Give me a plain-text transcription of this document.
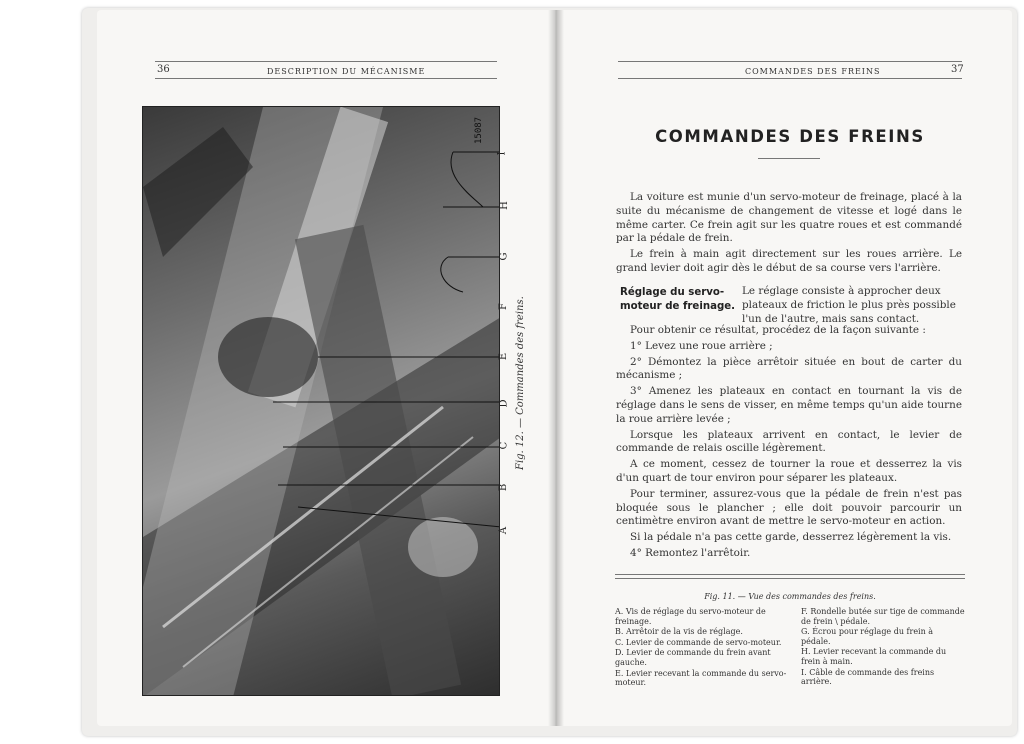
36	DESCRIPTION DU MÉCANISME
15087
I
H
G
F
E
D
C
B
A
Fig. 12. — Commandes des freins.
COMMANDES DES FREINS	37
COMMANDES DES FREINS

La voiture est munie d'un servo-moteur de freinage, placé à la suite du mécanisme de changement de vitesse et logé dans le même carter. Ce frein agit sur les quatre roues et est commandé par la pédale de frein.

Le frein à main agit directement sur les roues arrière. Le grand levier doit agir dès le début de sa course vers l'arrière.

Réglage du servo-moteur de freinage.
Le réglage consiste à approcher deux plateaux de friction le plus près possible l'un de l'autre, mais sans contact.

Pour obtenir ce résultat, procédez de la façon suivante :

1° Levez une roue arrière ;

2° Démontez la pièce arrêtoir située en bout de carter du mécanisme ;

3° Amenez les plateaux en contact en tournant la vis de réglage dans le sens de visser, en même temps qu'un aide tourne la roue arrière levée ;

Lorsque les plateaux arrivent en contact, le levier de commande de relais oscille légèrement.

A ce moment, cessez de tourner la roue et desserrez la vis d'un quart de tour environ pour séparer les plateaux.

Pour terminer, assurez-vous que la pédale de frein n'est pas bloquée sous le plancher ; elle doit pouvoir parcourir un centimètre environ avant de mettre le servo-moteur en action.

Si la pédale n'a pas cette garde, desserrez légèrement la vis.

4° Remontez l'arrêtoir.

Fig. 11. — Vue des commandes des freins.
A. Vis de réglage du servo-moteur de freinage.
B. Arrêtoir de la vis de réglage.
C. Levier de commande de servo-moteur.
D. Levier de commande du frein avant gauche.
E. Levier recevant la commande du servo-moteur.
F. Rondelle butée sur tige de commande de frein \ pédale.
G. Écrou pour réglage du frein à pédale.
H. Levier recevant la commande du frein à main.
I. Câble de commande des freins arrière.
